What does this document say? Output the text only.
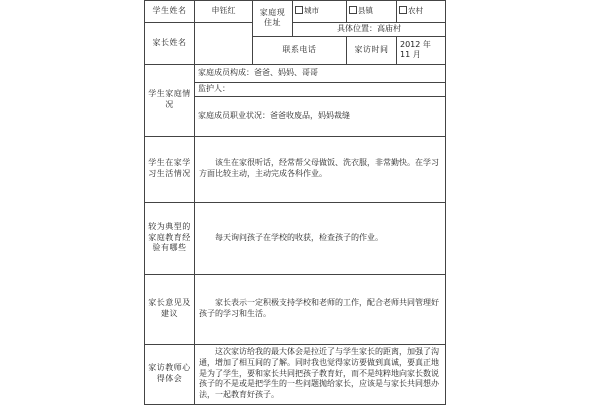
学生姓名	申钰红	家庭现住址	城市	县镇	农村
家长姓名			具体位置：高庙村		
		联系电话		家访时间	2012 年 11 月
学生家庭情况	家庭成员构成：爸爸、妈妈、哥哥				
	监护人：				
	家庭成员职业状况：爸爸收废品，妈妈裁缝				
学生在家学习生活情况	该生在家很听话，经常帮父母做饭、洗衣服，非常勤快。在学习方面比较主动，主动完成各科作业。				
较为典型的家庭教育经验有哪些	每天询问孩子在学校的收获，检查孩子的作业。				
家长意见及建议	家长表示一定积极支持学校和老师的工作，配合老师共同管理好孩子的学习和生活。				
家访教师心得体会	这次家访给我的最大体会是拉近了与学生家长的距离，加强了沟通，增加了相互间的了解。同时我也觉得家访要做到真诚，要真正地是为了学生，要和家长共同把孩子教育好，而不是纯粹地向家长数说孩子的不是或是把学生的一些问题抛给家长，应该是与家长共同想办法，一起教育好孩子。				
